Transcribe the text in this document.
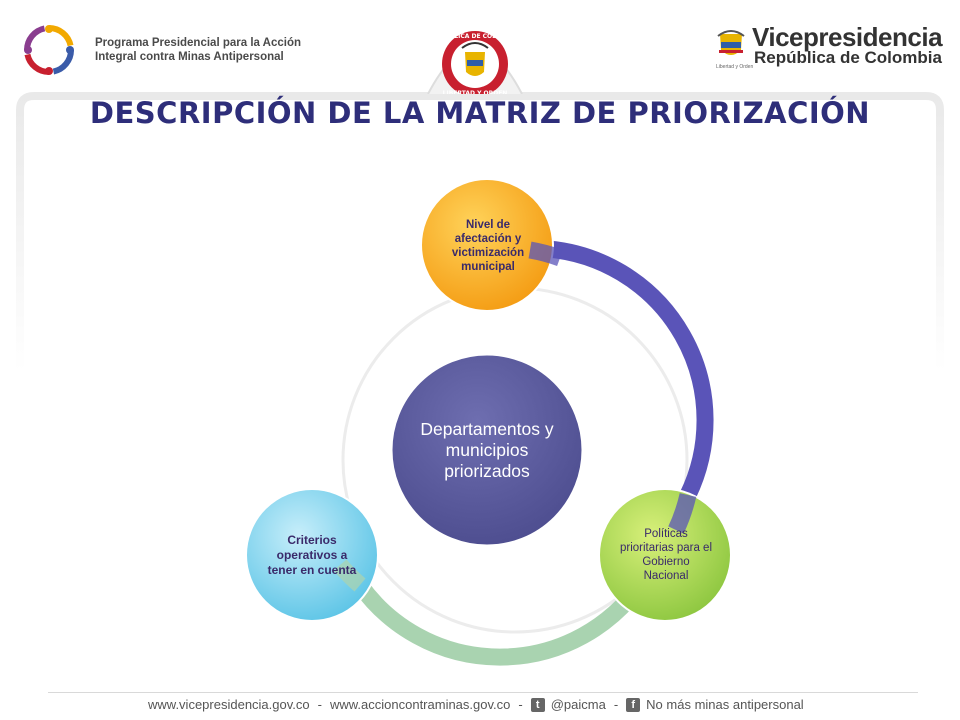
Programa Presidencial para la Acción
Integral contra Minas Antipersonal
REPÚBLICA DE COLOMBIA
LIBERTAD Y ORDEN
Vicepresidencia
República de Colombia
Libertad y Orden
DESCRIPCIÓN DE LA MATRIZ DE PRIORIZACIÓN
Departamentos y municipios priorizados
Nivel de afectación y victimización municipal
Políticas prioritarias para el Gobierno Nacional
Criterios operativos a tener en cuenta
www.vicepresidencia.gov.co - www.accioncontraminas.gov.co -	t @paicma -	f No más minas antipersonal
